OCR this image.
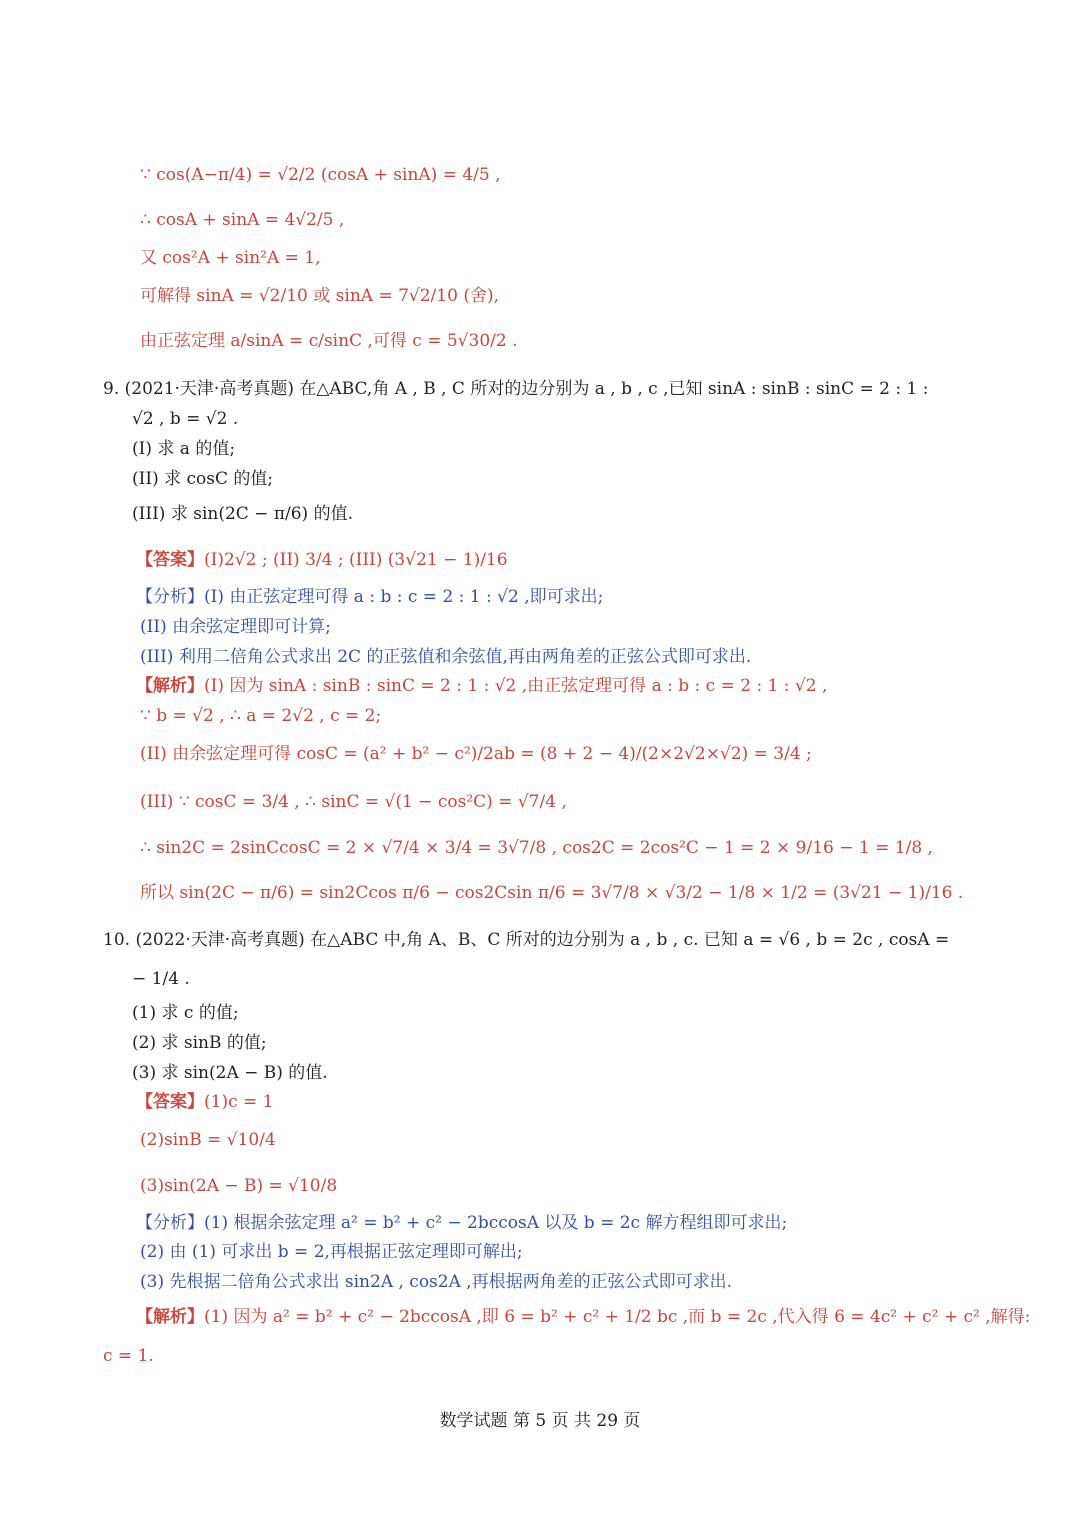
∵ cos(A−π/4) = √2/2 (cosA + sinA) = 4/5 ,
∴ cosA + sinA = 4√2/5 ,
又 cos²A + sin²A = 1,
可解得 sinA = √2/10 或 sinA = 7√2/10 (舍),
由正弦定理 a/sinA = c/sinC ,可得 c = 5√30/2 .
9. (2021·天津·高考真题) 在△ABC,角 A , B , C 所对的边分别为 a , b , c ,已知 sinA : sinB : sinC = 2 : 1 :
√2 , b = √2 .
(I) 求 a 的值;
(II) 求 cosC 的值;
(III) 求 sin(2C − π/6) 的值.
【答案】(I)2√2 ; (II) 3/4 ; (III) (3√21 − 1)/16
【分析】(I) 由正弦定理可得 a : b : c = 2 : 1 : √2 ,即可求出;
(II) 由余弦定理即可计算;
(III) 利用二倍角公式求出 2C 的正弦值和余弦值,再由两角差的正弦公式即可求出.
【解析】(I) 因为 sinA : sinB : sinC = 2 : 1 : √2 ,由正弦定理可得 a : b : c = 2 : 1 : √2 ,
∵ b = √2 , ∴ a = 2√2 , c = 2;
(II) 由余弦定理可得 cosC = (a² + b² − c²)/2ab = (8 + 2 − 4)/(2×2√2×√2) = 3/4 ;
(III) ∵ cosC = 3/4 , ∴ sinC = √(1 − cos²C) = √7/4 ,
∴ sin2C = 2sinCcosC = 2 × √7/4 × 3/4 = 3√7/8 , cos2C = 2cos²C − 1 = 2 × 9/16 − 1 = 1/8 ,
所以 sin(2C − π/6) = sin2Ccos π/6 − cos2Csin π/6 = 3√7/8 × √3/2 − 1/8 × 1/2 = (3√21 − 1)/16 .
10. (2022·天津·高考真题) 在△ABC 中,角 A、B、C 所对的边分别为 a , b , c. 已知 a = √6 , b = 2c , cosA =
− 1/4 .
(1) 求 c 的值;
(2) 求 sinB 的值;
(3) 求 sin(2A − B) 的值.
【答案】(1)c = 1
(2)sinB = √10/4
(3)sin(2A − B) = √10/8
【分析】(1) 根据余弦定理 a² = b² + c² − 2bccosA 以及 b = 2c 解方程组即可求出;
(2) 由 (1) 可求出 b = 2,再根据正弦定理即可解出;
(3) 先根据二倍角公式求出 sin2A , cos2A ,再根据两角差的正弦公式即可求出.
【解析】(1) 因为 a² = b² + c² − 2bccosA ,即 6 = b² + c² + 1/2 bc ,而 b = 2c ,代入得 6 = 4c² + c² + c² ,解得:
c = 1.
数学试题 第 5 页 共 29 页
